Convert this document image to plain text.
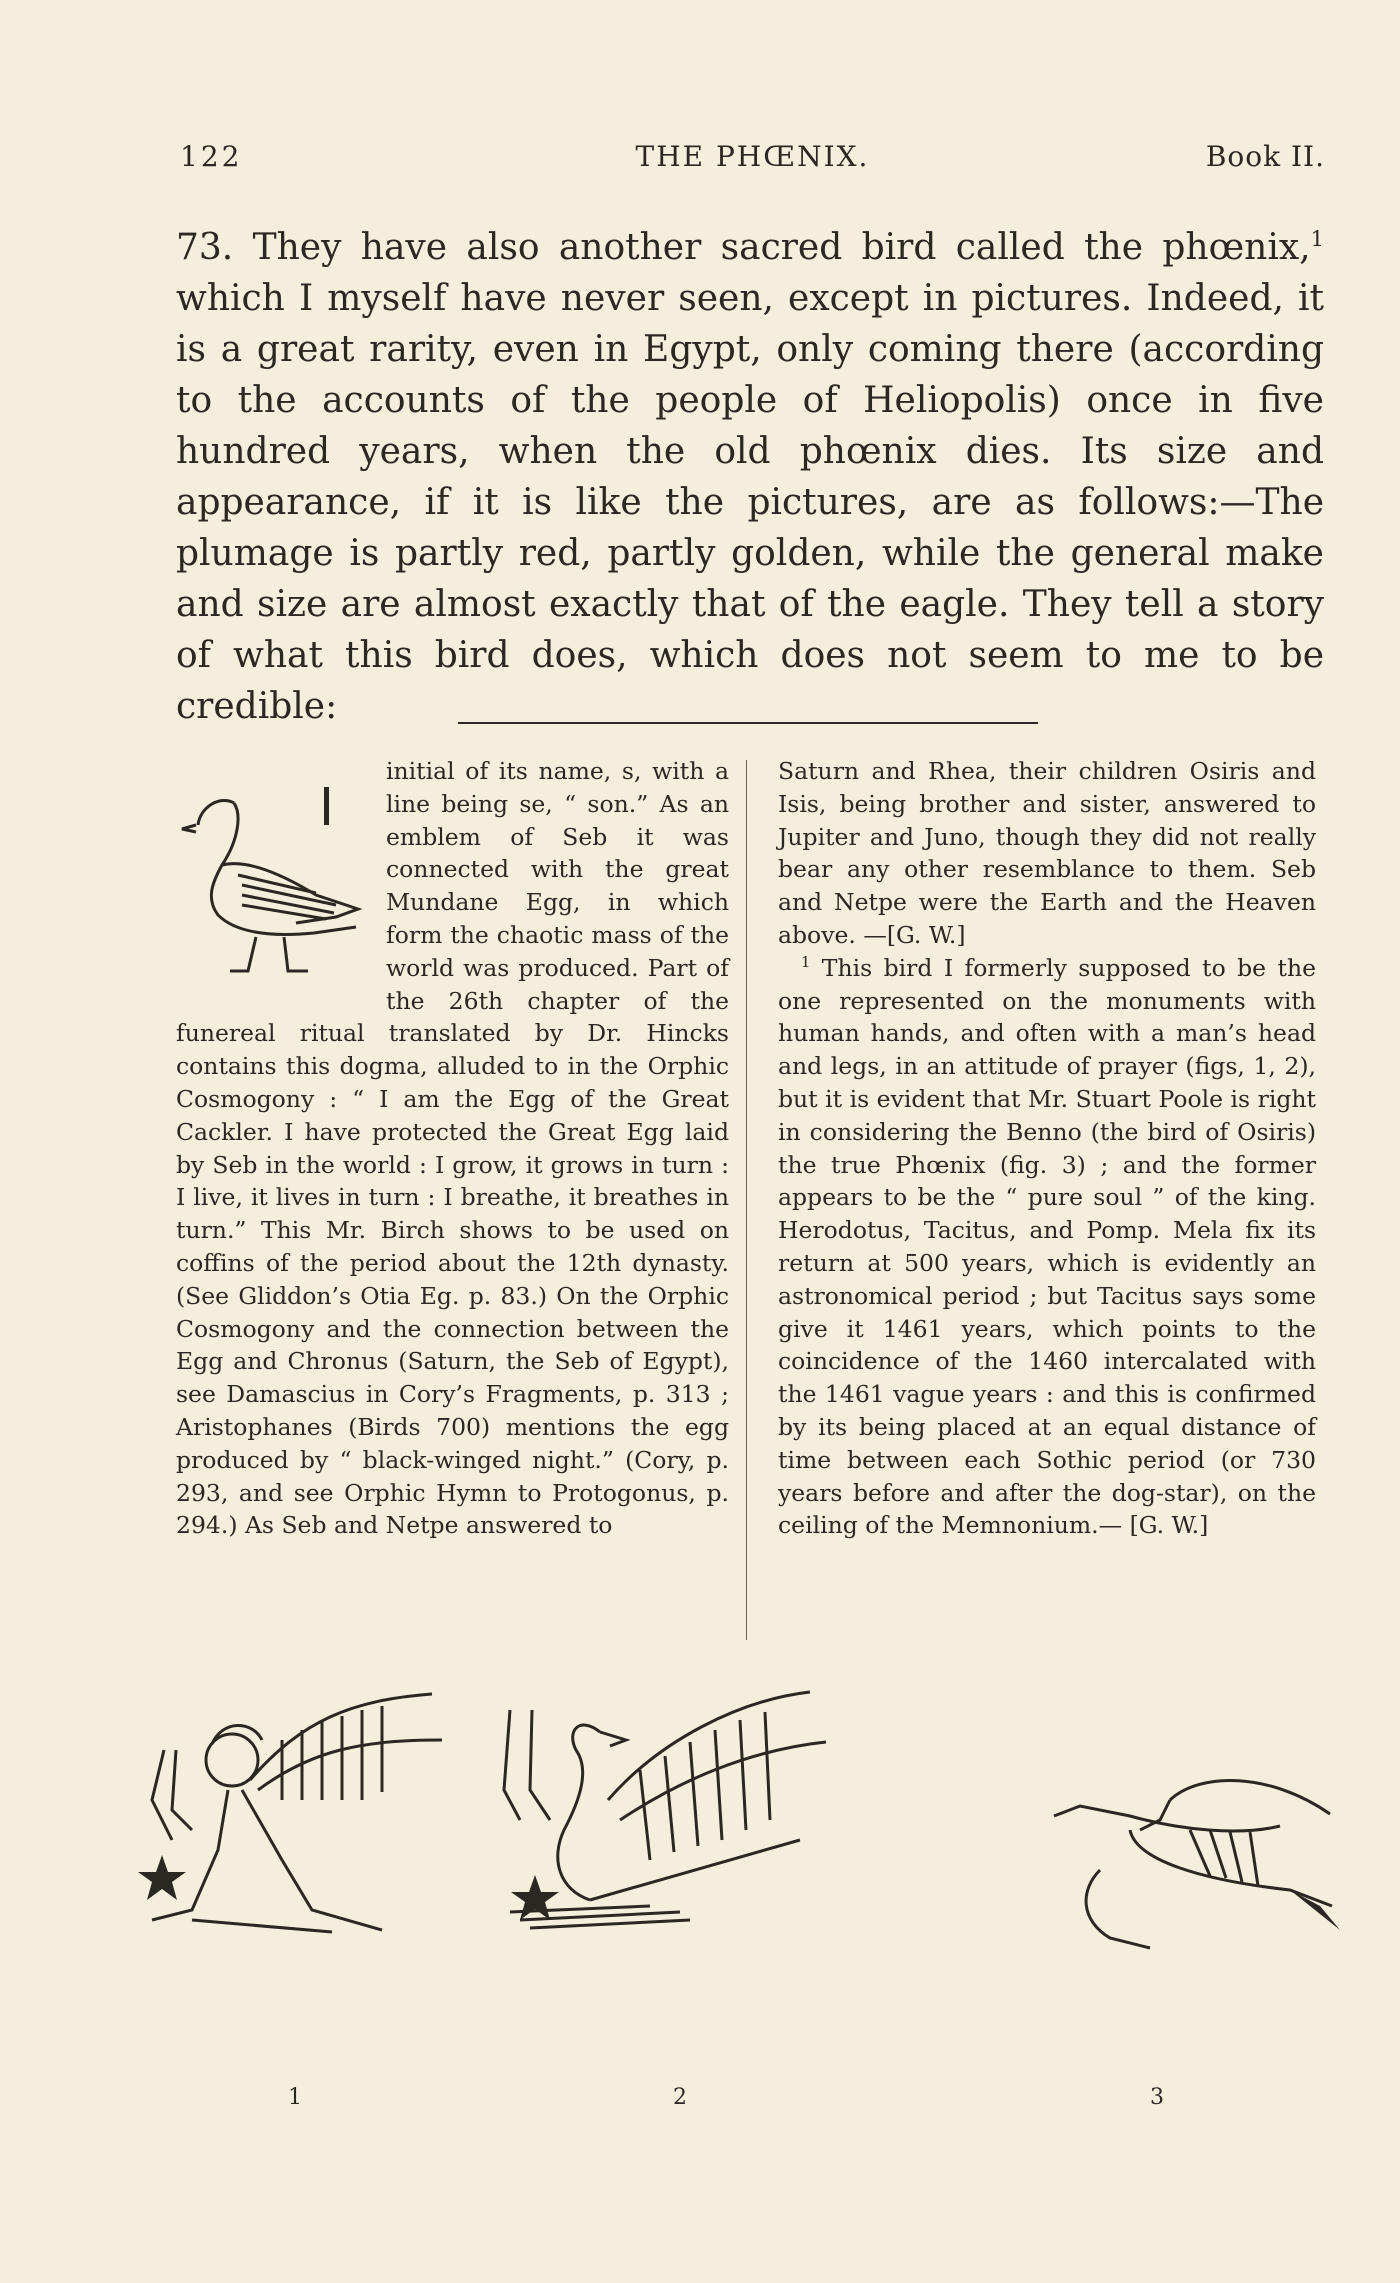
122	THE PHŒNIX.	Book II.
73. They have also another sacred bird called the phœnix,$^1$ which I myself have never seen, except in pictures. Indeed, it is a great rarity, even in Egypt, only coming there (according to the accounts of the people of Heliopolis) once in five hundred years, when the old phœnix dies. Its size and appearance, if it is like the pictures, are as follows:—The plumage is partly red, partly golden, while the general make and size are almost exactly that of the eagle. They tell a story of what this bird does, which does not seem to me to be credible:

initial of its name, s, with a line being se, “ son.” As an emblem of Seb it was connected with the great Mundane Egg, in which form the chaotic mass of the world was produced. Part of the 26th chapter of the funereal ritual translated by Dr. Hincks contains this dogma, alluded to in the Orphic Cosmogony : “ I am the Egg of the Great Cackler. I have protected the Great Egg laid by Seb in the world : I grow, it grows in turn : I live, it lives in turn : I breathe, it breathes in turn.” This Mr. Birch shows to be used on coffins of the period about the 12th dynasty. (See Gliddon’s Otia Eg. p. 83.) On the Orphic Cosmogony and the connection between the Egg and Chronus (Saturn, the Seb of Egypt), see Damascius in Cory’s Fragments, p. 313 ; Aristophanes (Birds 700) mentions the egg produced by “ black-winged night.” (Cory, p. 293, and see Orphic Hymn to Protogonus, p. 294.) As Seb and Netpe answered to

Saturn and Rhea, their children Osiris and Isis, being brother and sister, answered to Jupiter and Juno, though they did not really bear any other resemblance to them. Seb and Netpe were the Earth and the Heaven above. —[G. W.]

$^1$ This bird I formerly supposed to be the one represented on the monuments with human hands, and often with a man’s head and legs, in an attitude of prayer (figs, 1, 2), but it is evident that Mr. Stuart Poole is right in considering the Benno (the bird of Osiris) the true Phœnix (fig. 3) ; and the former appears to be the “ pure soul ” of the king. Herodotus, Tacitus, and Pomp. Mela fix its return at 500 years, which is evidently an astronomical period ; but Tacitus says some give it 1461 years, which points to the coincidence of the 1460 intercalated with the 1461 vague years : and this is confirmed by its being placed at an equal distance of time between each Sothic period (or 730 years before and after the dog-star), on the ceiling of the Memnonium.— [G. W.]

1	2	3
